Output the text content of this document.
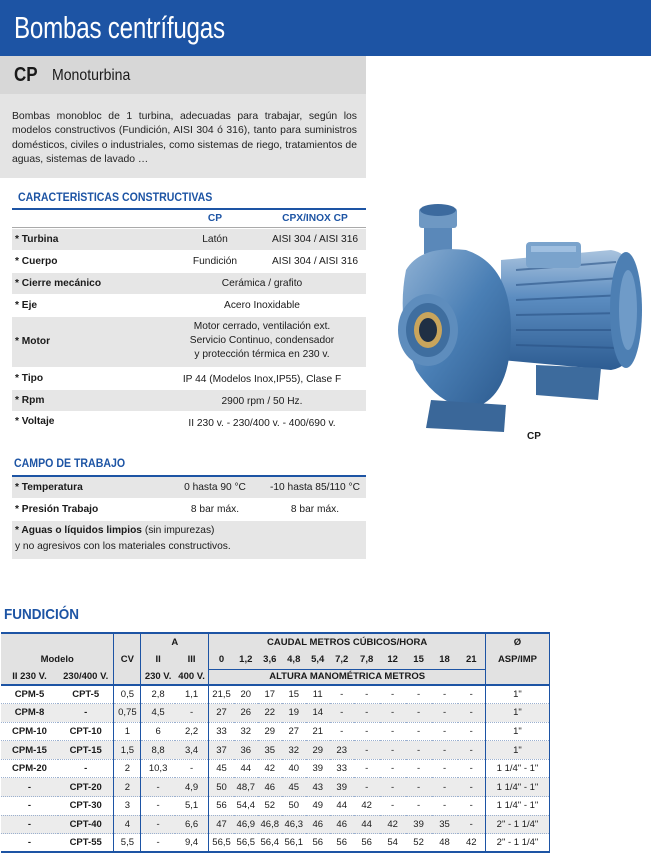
Bombas centrífugas
CP Monoturbina
Bombas monobloc de 1 turbina, adecuadas para trabajar, según los modelos constructivos (Fundición, AISI 304 ó 316), tanto para suministros domésticos, civiles o industriales, como sistemas de riego, tratamientos de aguas, sistemas de lavado …
CARACTERÍSTICAS CONSTRUCTIVAS
CP	CPX/INOX CP
* Turbina	Latón	AISI 304 / AISI 316
* Cuerpo	Fundición	AISI 304 / AISI 316
* Cierre mecánico	Cerámica / grafito
* Eje	Acero Inoxidable
* Motor
Motor cerrado, ventilación ext.
Servicio Continuo, condensador
y protección térmica en 230 v.
* Tipo	IP 44 (Modelos Inox,IP55), Clase F
* Rpm	2900 rpm / 50 Hz.
* Voltaje	II 230 v. - 230/400 v. - 400/690 v.
CAMPO DE TRABAJO
* Temperatura	0 hasta 90 °C	-10 hasta 85/110 °C
* Presión Trabajo	8 bar máx.	8 bar máx.
* Aguas o líquidos limpios (sin impurezas)
y no agresivos con los materiales constructivos.
CP
FUNDICIÓN
			A		CAUDAL METROS CÚBICOS/HORA											Ø
Modelo		CV	II	III	0	1,2	3,6	4,8	5,4	7,2	7,8	12	15	18	21	ASP/IMP
II 230 V.	230/400 V.		230 V.	400 V.	ALTURA MANOMÉTRICA METROS											
CPM-5	CPT-5	0,5	2,8	1,1	21,5	20	17	15	11	-	-	-	-	-	-	1"
CPM-8	-	0,75	4,5	-	27	26	22	19	14	-	-	-	-	-	-	1"
CPM-10	CPT-10	1	6	2,2	33	32	29	27	21	-	-	-	-	-	-	1"
CPM-15	CPT-15	1,5	8,8	3,4	37	36	35	32	29	23	-	-	-	-	-	1"
CPM-20	-	2	10,3	-	45	44	42	40	39	33	-	-	-	-	-	1 1/4" - 1"
-	CPT-20	2	-	4,9	50	48,7	46	45	43	39	-	-	-	-	-	1 1/4" - 1"
-	CPT-30	3	-	5,1	56	54,4	52	50	49	44	42	-	-	-	-	1 1/4" - 1"
-	CPT-40	4	-	6,6	47	46,9	46,8	46,3	46	46	44	42	39	35	-	2" - 1 1/4"
-	CPT-55	5,5	-	9,4	56,5	56,5	56,4	56,1	56	56	56	54	52	48	42	2" - 1 1/4"
